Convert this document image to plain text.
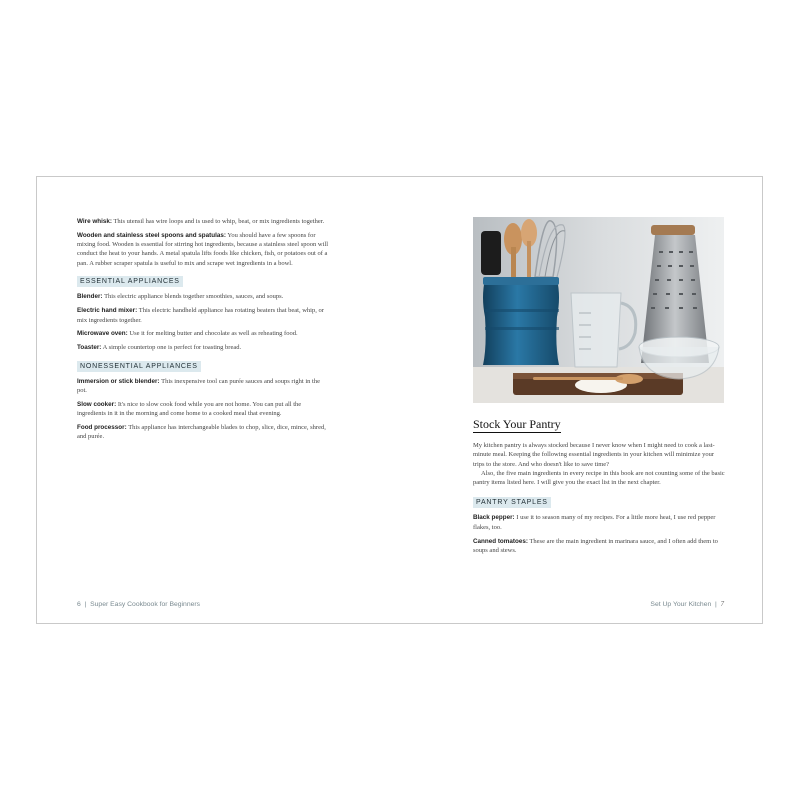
Wire whisk: This utensil has wire loops and is used to whip, beat, or mix ingredients together.

Wooden and stainless steel spoons and spatulas: You should have a few spoons for mixing food. Wooden is essential for stirring hot ingredients, because a stainless steel spoon will conduct the heat to your hands. A metal spatula lifts foods like chicken, fish, or potatoes out of a pan. A rubber scraper spatula is useful to mix and scrape wet ingredients in a bowl.

ESSENTIAL APPLIANCES

Blender: This electric appliance blends together smoothies, sauces, and soups.

Electric hand mixer: This electric handheld appliance has rotating beaters that beat, whip, or mix ingredients together.

Microwave oven: Use it for melting butter and chocolate as well as reheating food.

Toaster: A simple countertop one is perfect for toasting bread.

NONESSENTIAL APPLIANCES

Immersion or stick blender: This inexpensive tool can purée sauces and soups right in the pot.

Slow cooker: It's nice to slow cook food while you are not home. You can put all the ingredients in it in the morning and come home to a cooked meal that evening.

Food processor: This appliance has interchangeable blades to chop, slice, dice, mince, shred, and purée.

6 | Super Easy Cookbook for Beginners
Stock Your Pantry

My kitchen pantry is always stocked because I never know when I might need to cook a last-minute meal. Keeping the following essential ingredients in your kitchen will minimize your trips to the store. And who doesn't like to save time?

Also, the five main ingredients in every recipe in this book are not counting some of the basic pantry items listed here. I will give you the exact list in the next chapter.

PANTRY STAPLES

Black pepper: I use it to season many of my recipes. For a little more heat, I use red pepper flakes, too.

Canned tomatoes: These are the main ingredient in marinara sauce, and I often add them to soups and stews.

Set Up Your Kitchen | 7
